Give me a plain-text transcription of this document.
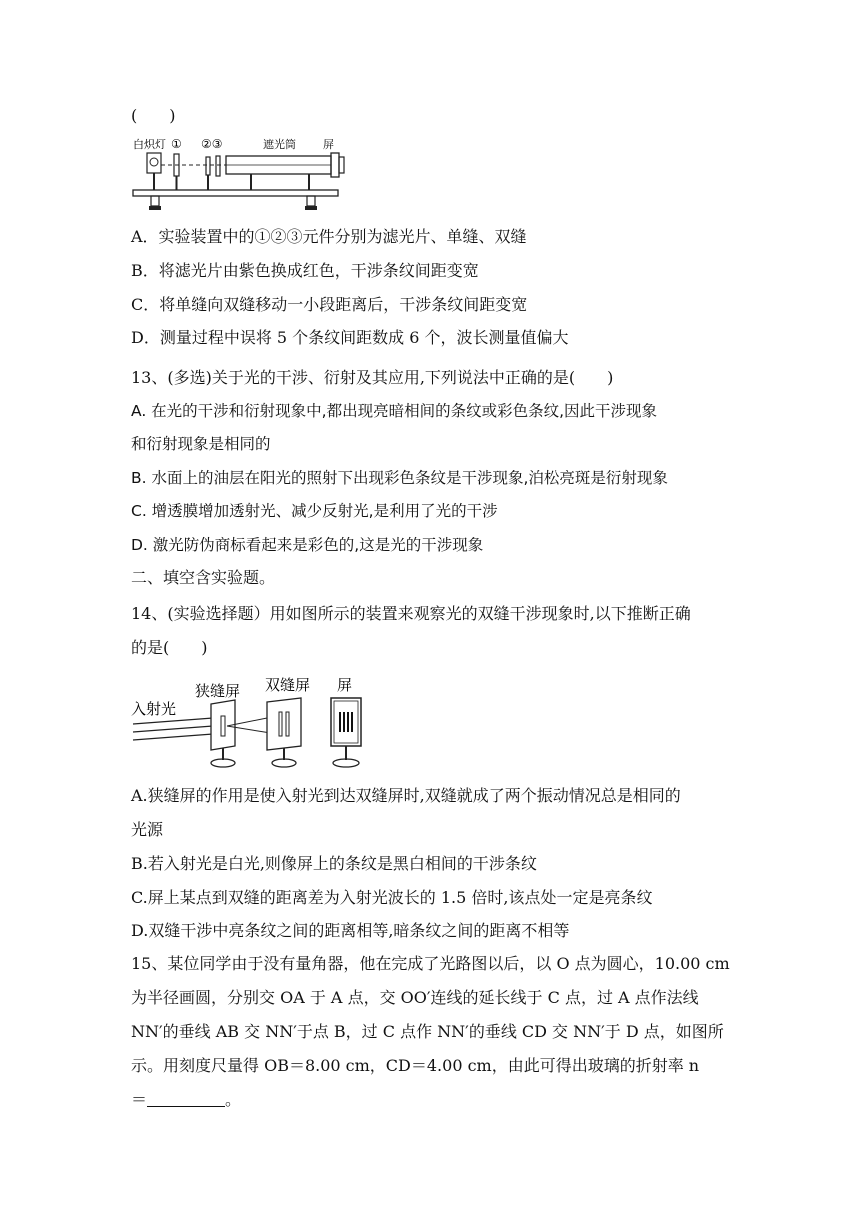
(　　)
白炽灯 ① ②③	遮光筒 屏
A．实验装置中的①②③元件分别为滤光片、单缝、双缝
B．将滤光片由紫色换成红色，干涉条纹间距变宽
C．将单缝向双缝移动一小段距离后，干涉条纹间距变宽
D．测量过程中误将 5 个条纹间距数成 6 个，波长测量值偏大
13、(多选)关于光的干涉、衍射及其应用,下列说法中正确的是(　　)
A. 在光的干涉和衍射现象中,都出现亮暗相间的条纹或彩色条纹,因此干涉现象
和衍射现象是相同的
B. 水面上的油层在阳光的照射下出现彩色条纹是干涉现象,泊松亮斑是衍射现象
C. 增透膜增加透射光、减少反射光,是利用了光的干涉
D. 激光防伪商标看起来是彩色的,这是光的干涉现象
二、填空含实验题。
14、(实验选择题）用如图所示的装置来观察光的双缝干涉现象时,以下推断正确
的是(　　)
入射光
狭缝屏 双缝屏 屏
A.狭缝屏的作用是使入射光到达双缝屏时,双缝就成了两个振动情况总是相同的
光源
B.若入射光是白光,则像屏上的条纹是黑白相间的干涉条纹
C.屏上某点到双缝的距离差为入射光波长的 1.5 倍时,该点处一定是亮条纹
D.双缝干涉中亮条纹之间的距离相等,暗条纹之间的距离不相等
15、某位同学由于没有量角器，他在完成了光路图以后，以 O 点为圆心，10.00 cm
为半径画圆，分别交 OA 于 A 点，交 OO′连线的延长线于 C 点，过 A 点作法线
NN′的垂线 AB 交 NN′于点 B，过 C 点作 NN′的垂线 CD 交 NN′于 D 点，如图所
示。用刻度尺量得 OB＝8.00 cm，CD＝4.00 cm，由此可得出玻璃的折射率 n
＝	。
